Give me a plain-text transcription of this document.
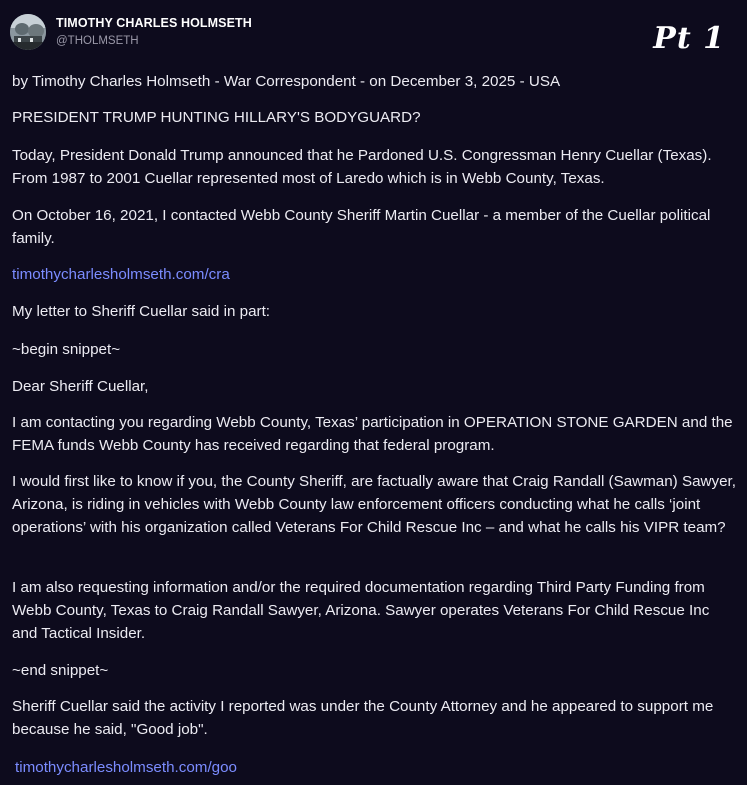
TIMOTHY CHARLES HOLMSETH
@THOLMSETH	Pt 1

by Timothy Charles Holmseth - War Correspondent - on December 3, 2025 - USA

PRESIDENT TRUMP HUNTING HILLARY'S BODYGUARD?

Today, President Donald Trump announced that he Pardoned U.S. Congressman Henry Cuellar (Texas). From 1987 to 2001 Cuellar represented most of Laredo which is in Webb County, Texas.

On October 16, 2021, I contacted Webb County Sheriff Martin Cuellar - a member of the Cuellar political family.

timothycharlesholmseth.com/cra

My letter to Sheriff Cuellar said in part:

~begin snippet~

Dear Sheriff Cuellar,

I am contacting you regarding Webb County, Texas’ participation in OPERATION STONE GARDEN and the FEMA funds Webb County has received regarding that federal program.

I would first like to know if you, the County Sheriff, are factually aware that Craig Randall (Sawman) Sawyer, Arizona, is riding in vehicles with Webb County law enforcement officers conducting what he calls ‘joint operations’ with his organization called Veterans For Child Rescue Inc – and what he calls his VIPR team?

I am also requesting information and/or the required documentation regarding Third Party Funding from Webb County, Texas to Craig Randall Sawyer, Arizona. Sawyer operates Veterans For Child Rescue Inc and Tactical Insider.

~end snippet~

Sheriff Cuellar said the activity I reported was under the County Attorney and he appeared to support me because he said, "Good job".

timothycharlesholmseth.com/goo
